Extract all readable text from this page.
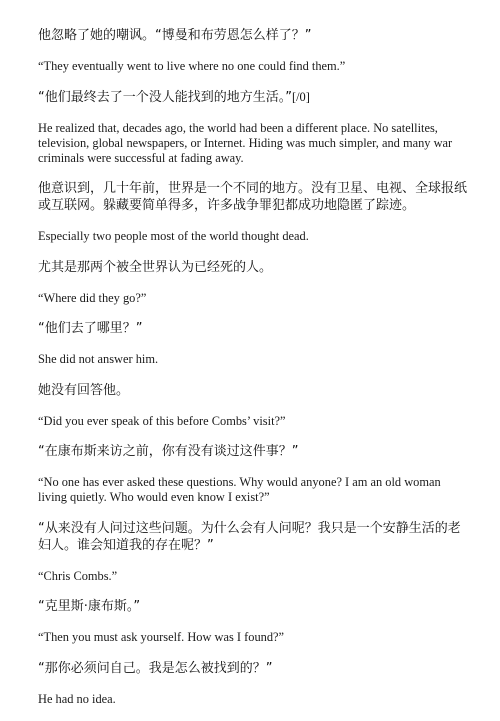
他忽略了她的嘲讽。“博曼和布劳恩怎么样了？”

“They eventually went to live where no one could find them.”

“他们最终去了一个没人能找到的地方生活。”[/0]

He realized that, decades ago, the world had been a different place. No satellites, television, global newspapers, or Internet. Hiding was much simpler, and many war criminals were successful at fading away.

他意识到，几十年前，世界是一个不同的地方。没有卫星、电视、全球报纸或互联网。躲藏要简单得多，许多战争罪犯都成功地隐匿了踪迹。

Especially two people most of the world thought dead.

尤其是那两个被全世界认为已经死的人。

“Where did they go?”

“他们去了哪里？”

She did not answer him.

她没有回答他。

“Did you ever speak of this before Combs’ visit?”

“在康布斯来访之前，你有没有谈过这件事？”

“No one has ever asked these questions. Why would anyone? I am an old woman living quietly. Who would even know I exist?”

“从来没有人问过这些问题。为什么会有人问呢？我只是一个安静生活的老妇人。谁会知道我的存在呢？”

“Chris Combs.”

“克里斯·康布斯。”

“Then you must ask yourself. How was I found?”

“那你必须问自己。我是怎么被找到的？”

He had no idea.
